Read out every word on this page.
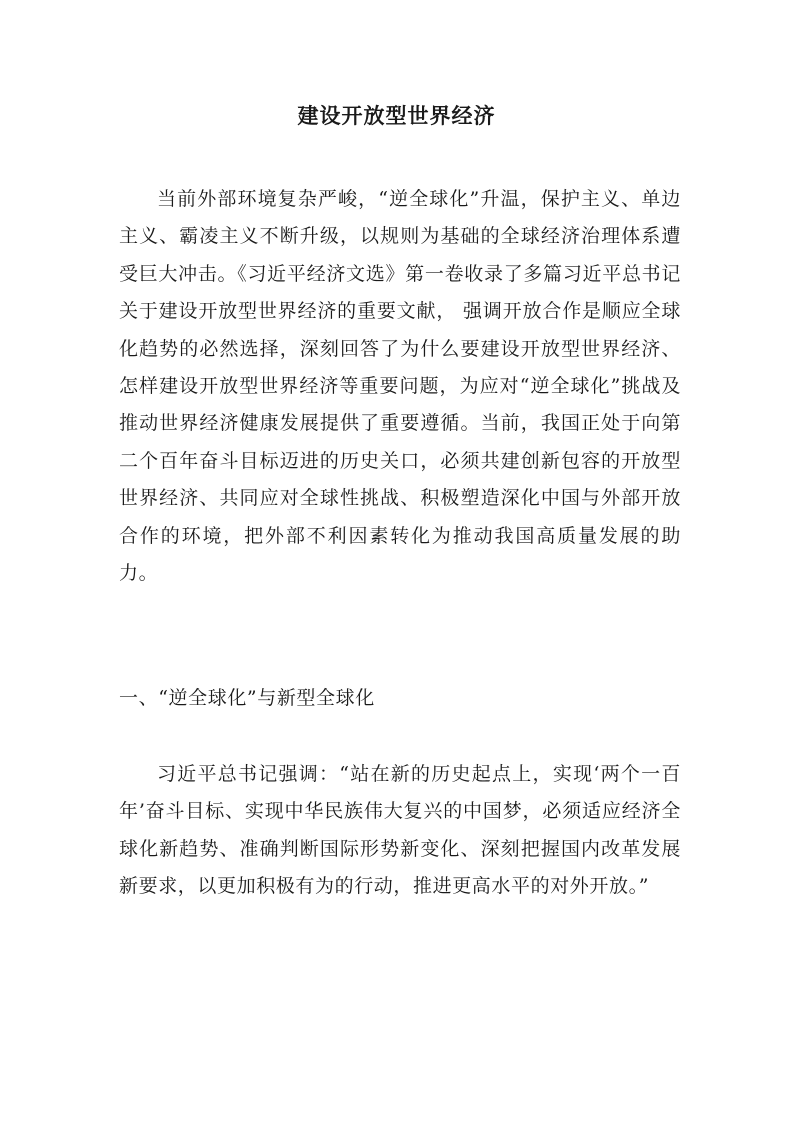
建设开放型世界经济
当前外部环境复杂严峻，“逆全球化”升温，保护主义、单边主义、霸凌主义不断升级，以规则为基础的全球经济治理体系遭受巨大冲击。《习近平经济文选》第一卷收录了多篇习近平总书记关于建设开放型世界经济的重要文献， 强调开放合作是顺应全球化趋势的必然选择，深刻回答了为什么要建设开放型世界经济、怎样建设开放型世界经济等重要问题，为应对“逆全球化”挑战及推动世界经济健康发展提供了重要遵循。当前，我国正处于向第二个百年奋斗目标迈进的历史关口，必须共建创新包容的开放型世界经济、共同应对全球性挑战、积极塑造深化中国与外部开放合作的环境，把外部不利因素转化为推动我国高质量发展的助力。
一、“逆全球化”与新型全球化
习近平总书记强调：“站在新的历史起点上，实现‘两个一百年’奋斗目标、实现中华民族伟大复兴的中国梦，必须适应经济全球化新趋势、准确判断国际形势新变化、深刻把握国内改革发展新要求，以更加积极有为的行动，推进更高水平的对外开放。”
